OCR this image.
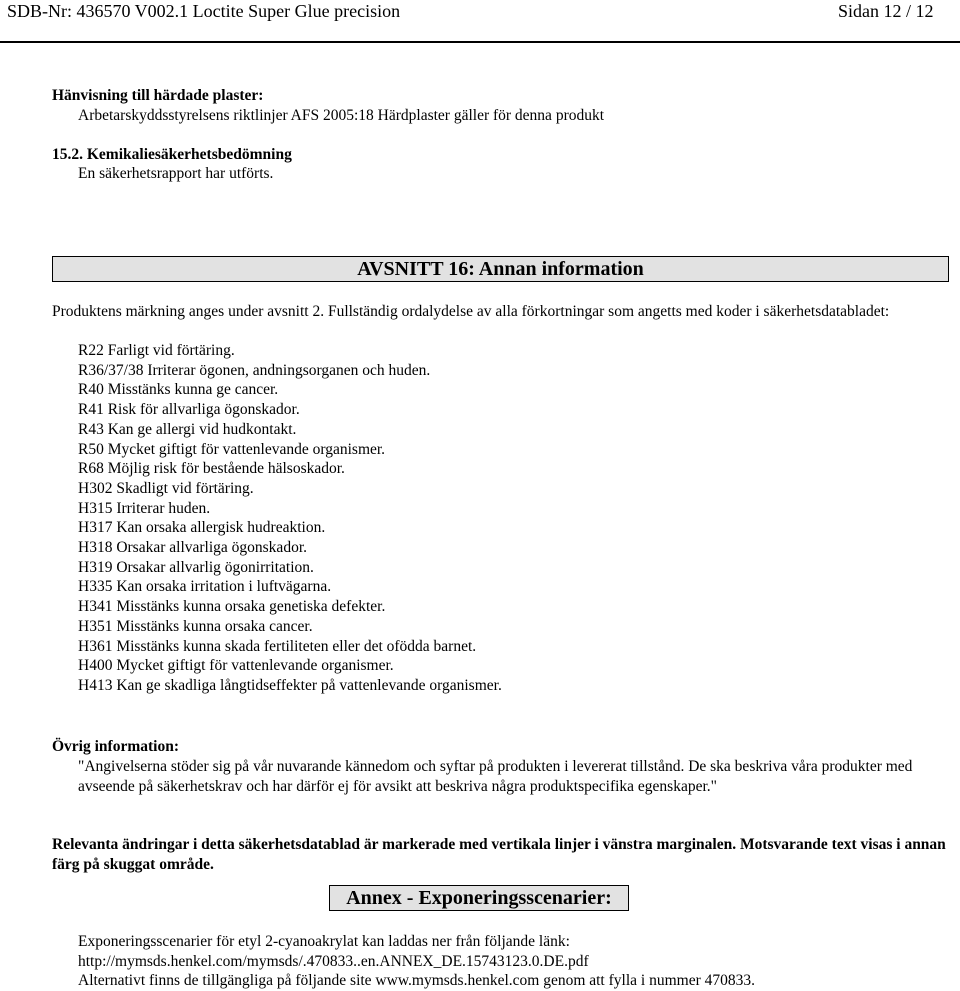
SDB-Nr: 436570 V002.1 Loctite Super Glue precision	Sidan 12 / 12
Hänvisning till härdade plaster:
Arbetarskyddsstyrelsens riktlinjer AFS 2005:18 Härdplaster gäller för denna produkt
15.2. Kemikaliesäkerhetsbedömning
En säkerhetsrapport har utförts.
AVSNITT 16: Annan information
Produktens märkning anges under avsnitt 2. Fullständig ordalydelse av alla förkortningar som angetts med koder i säkerhetsdatabladet:
R22 Farligt vid förtäring.
R36/37/38 Irriterar ögonen, andningsorganen och huden.
R40 Misstänks kunna ge cancer.
R41 Risk för allvarliga ögonskador.
R43 Kan ge allergi vid hudkontakt.
R50 Mycket giftigt för vattenlevande organismer.
R68 Möjlig risk för bestående hälsoskador.
H302 Skadligt vid förtäring.
H315 Irriterar huden.
H317 Kan orsaka allergisk hudreaktion.
H318 Orsakar allvarliga ögonskador.
H319 Orsakar allvarlig ögonirritation.
H335 Kan orsaka irritation i luftvägarna.
H341 Misstänks kunna orsaka genetiska defekter.
H351 Misstänks kunna orsaka cancer.
H361 Misstänks kunna skada fertiliteten eller det ofödda barnet.
H400 Mycket giftigt för vattenlevande organismer.
H413 Kan ge skadliga långtidseffekter på vattenlevande organismer.
Övrig information:
"Angivelserna stöder sig på vår nuvarande kännedom och syftar på produkten i levererat tillstånd. De ska beskriva våra produkter med avseende på säkerhetskrav och har därför ej för avsikt att beskriva några produktspecifika egenskaper."
Relevanta ändringar i detta säkerhetsdatablad är markerade med vertikala linjer i vänstra marginalen. Motsvarande text visas i annan färg på skuggat område.
Annex - Exponeringsscenarier:
Exponeringsscenarier för etyl 2-cyanoakrylat kan laddas ner från följande länk:
http://mymsds.henkel.com/mymsds/.470833..en.ANNEX_DE.15743123.0.DE.pdf
Alternativt finns de tillgängliga på följande site www.mymsds.henkel.com genom att fylla i nummer 470833.
